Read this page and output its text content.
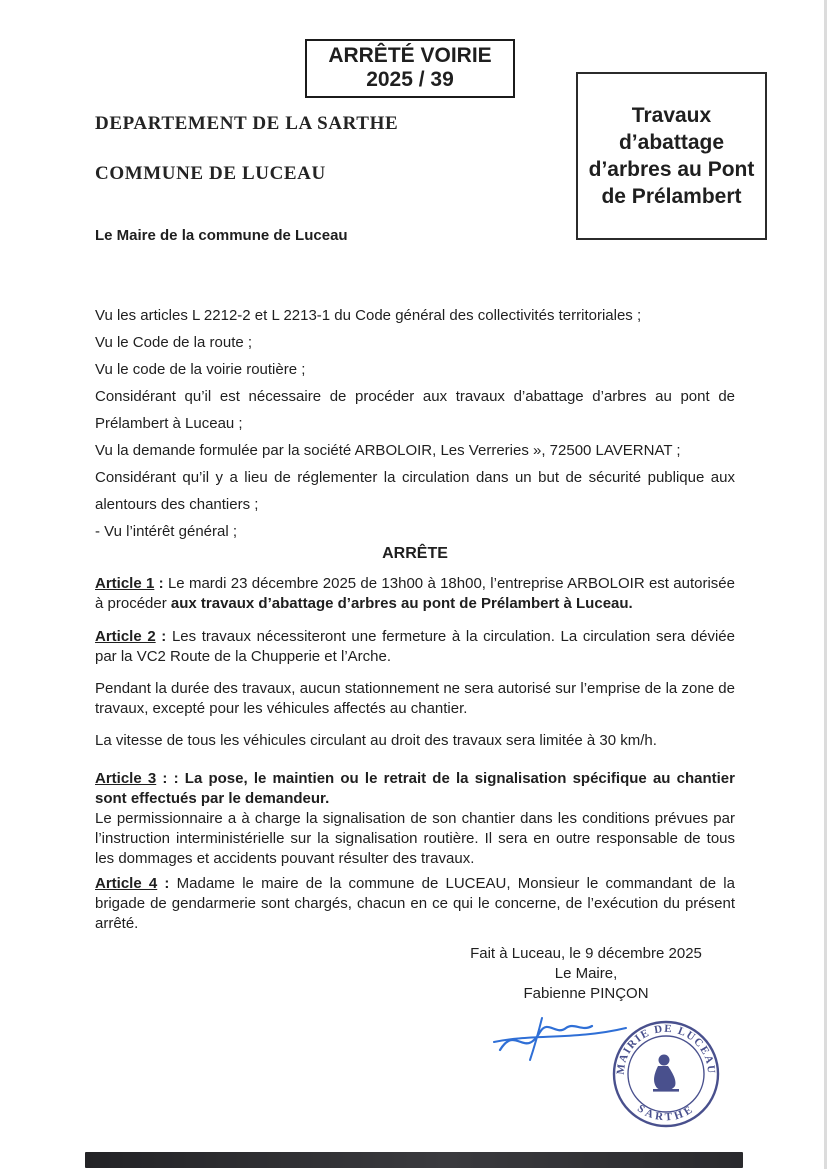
ARRÊTÉ VOIRIE
2025 / 39
Travaux d’abattage d’arbres au Pont de Prélambert
DEPARTEMENT DE LA SARTHE
COMMUNE DE LUCEAU
Le Maire de la commune de Luceau

Vu les articles L 2212-2 et L 2213-1 du Code général des collectivités territoriales ;

Vu le Code de la route ;

Vu le code de la voirie routière ;

Considérant qu’il est nécessaire de procéder aux travaux d’abattage d’arbres au pont de Prélambert à Luceau ;

Vu la demande formulée par la société ARBOLOIR, Les Verreries », 72500 LAVERNAT ;

Considérant qu’il y a lieu de réglementer la circulation dans un but de sécurité publique aux alentours des chantiers ;

- Vu l’intérêt général ;

ARRÊTE

Article 1 : Le mardi 23 décembre 2025 de 13h00 à 18h00, l’entreprise ARBOLOIR est autorisée à procéder aux travaux d’abattage d’arbres au pont de Prélambert à Luceau.

Article 2 : Les travaux nécessiteront une fermeture à la circulation. La circulation sera déviée par la VC2 Route de la Chupperie et l’Arche.

Pendant la durée des travaux, aucun stationnement ne sera autorisé sur l’emprise de la zone de travaux, excepté pour les véhicules affectés au chantier.

La vitesse de tous les véhicules circulant au droit des travaux sera limitée à 30 km/h.

Article 3 : : La pose, le maintien ou le retrait de la signalisation spécifique au chantier sont effectués par le demandeur.

Le permissionnaire a à charge la signalisation de son chantier dans les conditions prévues par l’instruction interministérielle sur la signalisation routière. Il sera en outre responsable de tous les dommages et accidents pouvant résulter des travaux.

Article 4 : Madame le maire de la commune de LUCEAU, Monsieur le commandant de la brigade de gendarmerie sont chargés, chacun en ce qui le concerne, de l’exécution du présent arrêté.

Fait à Luceau, le 9 décembre 2025
Le Maire,
Fabienne PINÇON
MAIRIE DE LUCEAU
SARTHE
